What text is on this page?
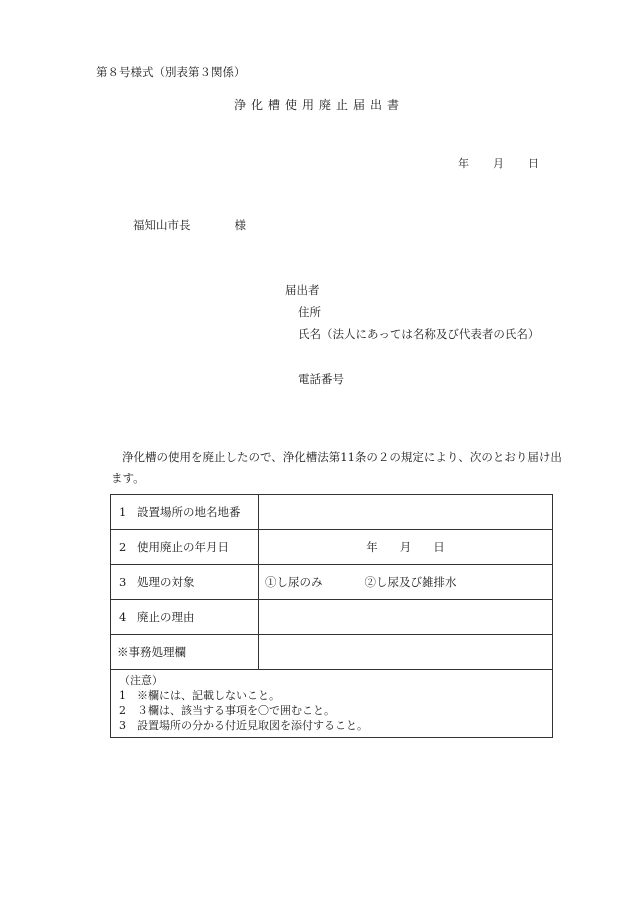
第８号様式（別表第３関係）
浄化槽使用廃止届出書
年 月 日
福知山市長	様
届出者
住所
氏名（法人にあっては名称及び代表者の氏名）
電話番号
浄化槽の使用を廃止したので、浄化槽法第11条の２の規定により、次のとおり届け出ます。
1 設置場所の地名地番	
2 使用廃止の年月日	年 月 日
3 処理の対象	①し尿のみ ②し尿及び雑排水
4 廃止の理由	
※事務処理欄	

（注意）
1 ※欄には、記載しないこと。
2 ３欄は、該当する事項を〇で囲むこと。
3 設置場所の分かる付近見取図を添付すること。	
